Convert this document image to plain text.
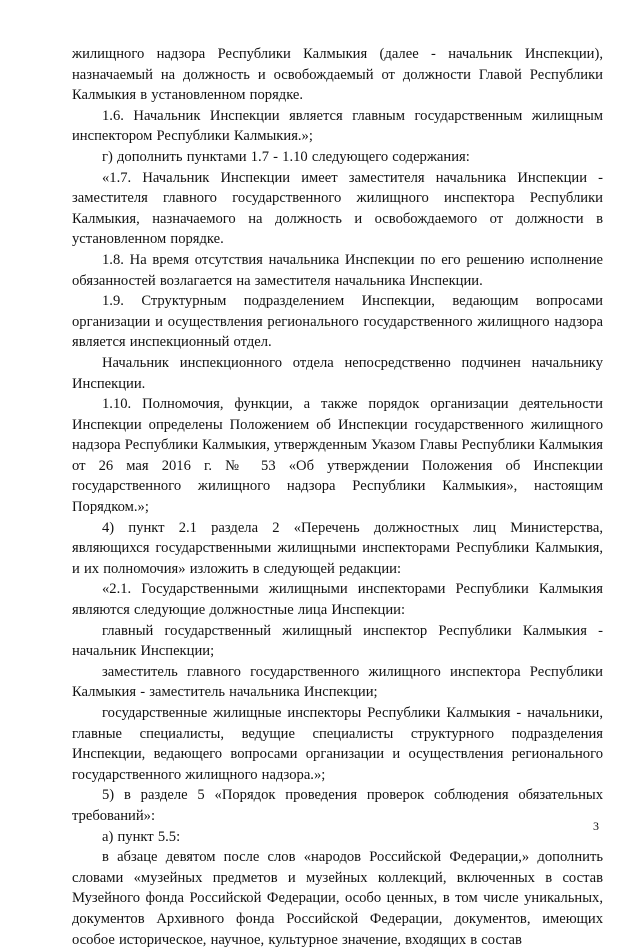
жилищного надзора Республики Калмыкия (далее - начальник Инспекции), назначаемый на должность и освобождаемый от должности Главой Республики Калмыкия в установленном порядке.

1.6. Начальник Инспекции является главным государственным жилищным инспектором Республики Калмыкия.»;

г) дополнить пунктами 1.7 - 1.10 следующего содержания:

«1.7. Начальник Инспекции имеет заместителя начальника Инспекции - заместителя главного государственного жилищного инспектора Республики Калмыкия, назначаемого на должность и освобождаемого от должности в установленном порядке.

1.8. На время отсутствия начальника Инспекции по его решению исполнение обязанностей возлагается на заместителя начальника Инспекции.

1.9. Структурным подразделением Инспекции, ведающим вопросами организации и осуществления регионального государственного жилищного надзора является инспекционный отдел.

Начальник инспекционного отдела непосредственно подчинен начальнику Инспекции.

1.10. Полномочия, функции, а также порядок организации деятельности Инспекции определены Положением об Инспекции государственного жилищного надзора Республики Калмыкия, утвержденным Указом Главы Республики Калмыкия от 26 мая 2016 г. № 53 «Об утверждении Положения об Инспекции государственного жилищного надзора Республики Калмыкия», настоящим Порядком.»;

4) пункт 2.1 раздела 2 «Перечень должностных лиц Министерства, являющихся государственными жилищными инспекторами Республики Калмыкия, и их полномочия» изложить в следующей редакции:

«2.1. Государственными жилищными инспекторами Республики Калмыкия являются следующие должностные лица Инспекции:

главный государственный жилищный инспектор Республики Калмыкия - начальник Инспекции;

заместитель главного государственного жилищного инспектора Республики Калмыкия - заместитель начальника Инспекции;

государственные жилищные инспекторы Республики Калмыкия - начальники, главные специалисты, ведущие специалисты структурного подразделения Инспекции, ведающего вопросами организации и осуществления регионального государственного жилищного надзора.»;

5) в разделе 5 «Порядок проведения проверок соблюдения обязательных требований»:

а) пункт 5.5:

в абзаце девятом после слов «народов Российской Федерации,» дополнить словами «музейных предметов и музейных коллекций, включенных в состав Музейного фонда Российской Федерации, особо ценных, в том числе уникальных, документов Архивного фонда Российской Федерации, документов, имеющих особое историческое, научное, культурное значение, входящих в состав

3
